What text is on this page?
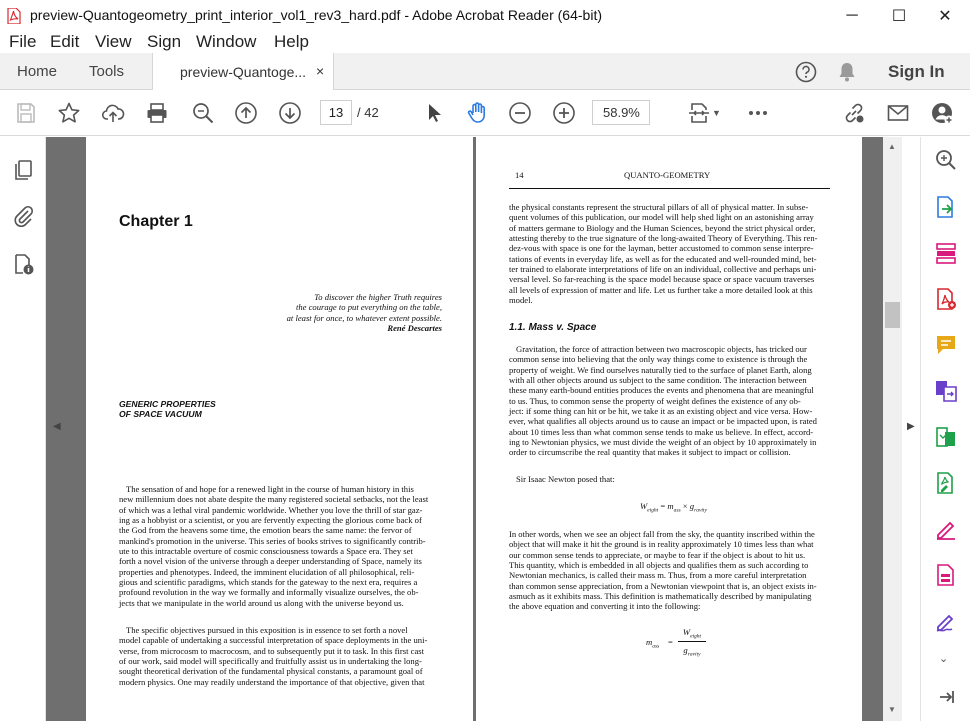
preview-Quantogeometry_print_interior_vol1_rev3_hard.pdf - Adobe Acrobat Reader (64-bit)	─ ☐ ✕
File Edit View Sign Window Help
Home Tools	preview-Quantoge... ×	Sign In
13	/ 42	58.9%	▼
◀
Chapter 1
To discover the higher Truth requires
the courage to put everything on the table,
at least for once, to whatever extent possible.
René Descartes
GENERIC PROPERTIES
OF SPACE VACUUM
The sensation of and hope for a renewed light in the course of human history in this
new millennium does not abate despite the many registered societal setbacks, not the least
of which was a lethal viral pandemic worldwide. Whether you love the thrill of star gaz-
ing as a hobbyist or a scientist, or you are fervently expecting the glorious come back of
the God from the heavens some time, the emotion bears the same name: the fervor of
mankind's promotion in the universe. This series of books strives to significantly contrib-
ute to this intractable overture of cosmic consciousness towards a Space era. They set
forth a novel vision of the universe through a deeper understanding of Space, namely its
properties and phenotypes. Indeed, the imminent elucidation of all philosophical, reli-
gious and scientific paradigms, which stands for the gateway to the next era, requires a
profound revolution in the way we formally and informally visualize ourselves, the ob-
jects that we manipulate in the world around us along with the universe beyond us.
The specific objectives pursued in this exposition is in essence to set forth a novel
model capable of undertaking a successful interpretation of space deployments in the uni-
verse, from microcosm to macrocosm, and to subsequently put it to task. In this first cast
of our work, said model will specifically and fruitfully assist us in undertaking the long-
sought theoretical derivation of the fundamental physical constants, a paramount goal of
modern physics. One may readily understand the importance of that objective, given that
14	QUANTO-GEOMETRY
the physical constants represent the structural pillars of all of physical matter. In subse-
quent volumes of this publication, our model will help shed light on an astonishing array
of matters germane to Biology and the Human Sciences, beyond the strict physical order,
attesting thereby to the true signature of the long-awaited Theory of Everything. This ren-
dez-vous with space is one for the layman, better accustomed to common sense interpre-
tations of events in everyday life, as well as for the educated and well-rounded mind, bet-
ter trained to elaborate interpretations of life on an individual, collective and perhaps uni-
versal level. So far-reaching is the space model because space or space vacuum traverses
all levels of expression of matter and life. Let us further take a more detailed look at this
model.
1.1. Mass v. Space
Gravitation, the force of attraction between two macroscopic objects, has tricked our
common sense into believing that the only way things come to existence is through the
property of weight. We find ourselves naturally tied to the surface of planet Earth, along
with all other objects around us subject to the same condition. The interaction between
these many earth-bound entities produces the events and phenomena that are meaningful
to us. Thus, to common sense the property of weight defines the existence of any ob-
ject: if some thing can hit or be hit, we take it as an existing object and vice versa. How-
ever, what qualifies all objects around us to cause an impact or be impacted upon, is rated
about 10 times less than what common sense tends to make us believe. In effect, accord-
ing to Newtonian physics, we must divide the weight of an object by 10 approximately in
order to circumscribe the real quantity that makes it subject to impact or collision.
Sir Isaac Newton posed that:
$W_{eight} = m_{ass} \times g_{ravity}$
In other words, when we see an object fall from the sky, the quantity inscribed within the
object that will make it hit the ground is in reality approximately 10 times less than what
our common sense tends to appreciate, or maybe to fear if the object is about to hit us.
This quantity, which is embedded in all objects and qualifies them as such according to
Newtonian mechanics, is called their mass m. Thus, from a more careful interpretation
than common sense appreciation, from a Newtonian viewpoint that is, an object exists in-
asmuch as it exhibits mass. This definition is mathematically described by manipulating
the above equation and converting it into the following:
$m_{ass}$ =
$W_{eight}$
$g_{ravity}$
▲
▼
▶
⌄
